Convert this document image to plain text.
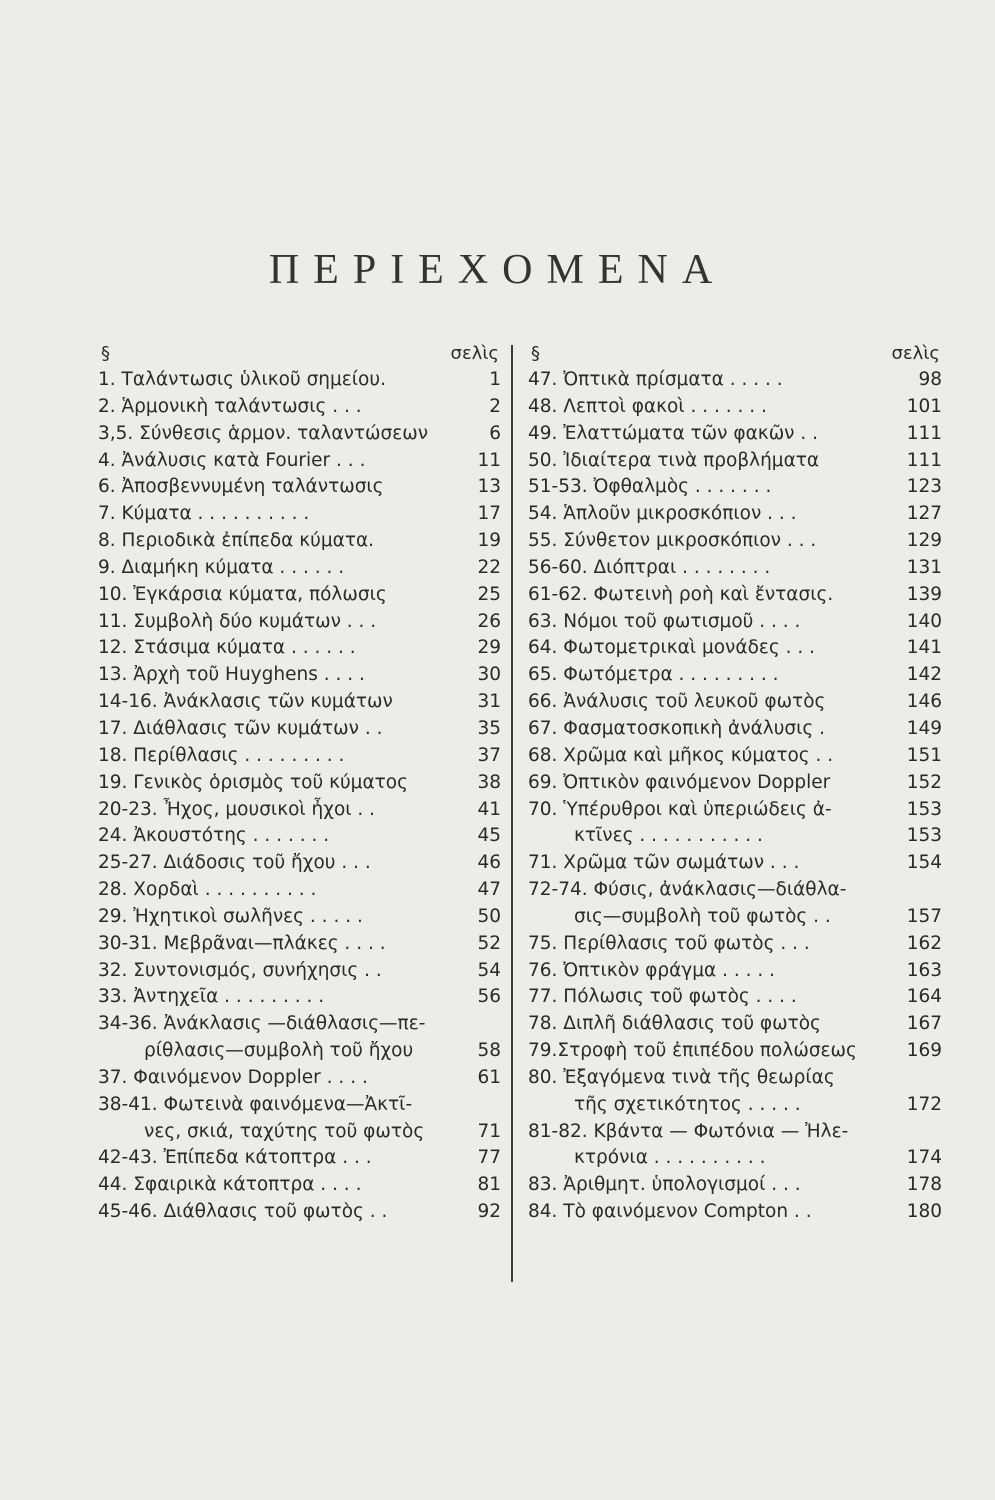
ΠΕΡΙΕΧΟΜΕΝΑ
§	σελὶς
1. Ταλάντωσις ὑλικοῦ σημείου.	1
2. Ἁρμονικὴ ταλάντωσις . . .	2
3,5. Σύνθεσις ἁρμον. ταλαντώσεων	6
4. Ἀνάλυσις κατὰ Fourier . . .	11
6. Ἀποσβεννυμένη ταλάντωσις	13
7. Κύματα . . . . . . . . . .	17
8. Περιοδικὰ ἐπίπεδα κύματα.	19
9. Διαμήκη κύματα . . . . . .	22
10. Ἐγκάρσια κύματα, πόλωσις	25
11. Συμβολὴ δύο κυμάτων . . .	26
12. Στάσιμα κύματα . . . . . .	29
13. Ἀρχὴ τοῦ Huyghens . . . .	30
14-16. Ἀνάκλασις τῶν κυμάτων	31
17. Διάθλασις τῶν κυμάτων . .	35
18. Περίθλασις . . . . . . . . .	37
19. Γενικὸς ὁρισμὸς τοῦ κύματος	38
20-23. Ἦχος, μουσικοὶ ἦχοι . .	41
24. Ἀκουστότης . . . . . . .	45
25-27. Διάδοσις τοῦ ἤχου . . .	46
28. Χορδαὶ . . . . . . . . . .	47
29. Ἠχητικοὶ σωλῆνες . . . . .	50
30-31. Μεβρᾶναι—πλάκες . . . .	52
32. Συντονισμός, συνήχησις . .	54
33. Ἀντηχεῖα . . . . . . . . .	56
34-36. Ἀνάκλασις —διάθλασις—πε-
ρίθλασις—συμβολὴ τοῦ ἤχου	58
37. Φαινόμενον Doppler . . . .	61
38-41. Φωτεινὰ φαινόμενα—Ἀκτῖ-
νες, σκιά, ταχύτης τοῦ φωτὸς	71
42-43. Ἐπίπεδα κάτοπτρα . . .	77
44. Σφαιρικὰ κάτοπτρα . . . .	81
45-46. Διάθλασις τοῦ φωτὸς . .	92
§	σελὶς
47. Ὀπτικὰ πρίσματα . . . . .	98
48. Λεπτοὶ φακοὶ . . . . . . .	101
49. Ἐλαττώματα τῶν φακῶν . .	111
50. Ἰδιαίτερα τινὰ προβλήματα	111
51-53. Ὀφθαλμὸς . . . . . . .	123
54. Ἁπλοῦν μικροσκόπιον . . .	127
55. Σύνθετον μικροσκόπιον . . .	129
56-60. Διόπτραι . . . . . . . .	131
61-62. Φωτεινὴ ροὴ καὶ ἔντασις.	139
63. Νόμοι τοῦ φωτισμοῦ . . . .	140
64. Φωτομετρικαὶ μονάδες . . .	141
65. Φωτόμετρα . . . . . . . . .	142
66. Ἀνάλυσις τοῦ λευκοῦ φωτὸς	146
67. Φασματοσκοπικὴ ἀνάλυσις .	149
68. Χρῶμα καὶ μῆκος κύματος . .	151
69. Ὀπτικὸν φαινόμενον Doppler	152
70. Ὑπέρυθροι καὶ ὑπεριώδεις ἀ-	153
κτῖνες . . . . . . . . . . .	153
71. Χρῶμα τῶν σωμάτων . . .	154
72-74. Φύσις, ἀνάκλασις—διάθλα-
σις—συμβολὴ τοῦ φωτὸς . .	157
75. Περίθλασις τοῦ φωτὸς . . .	162
76. Ὀπτικὸν φράγμα . . . . .	163
77. Πόλωσις τοῦ φωτὸς . . . .	164
78. Διπλῆ διάθλασις τοῦ φωτὸς	167
79.Στροφὴ τοῦ ἐπιπέδου πολώσεως	169
80. Ἐξαγόμενα τινὰ τῆς θεωρίας
τῆς σχετικότητος . . . . .	172
81-82. Κβάντα — Φωτόνια — Ἠλε-
κτρόνια . . . . . . . . . .	174
83. Ἀριθμητ. ὑπολογισμοί . . .	178
84. Τὸ φαινόμενον Compton . .	180
